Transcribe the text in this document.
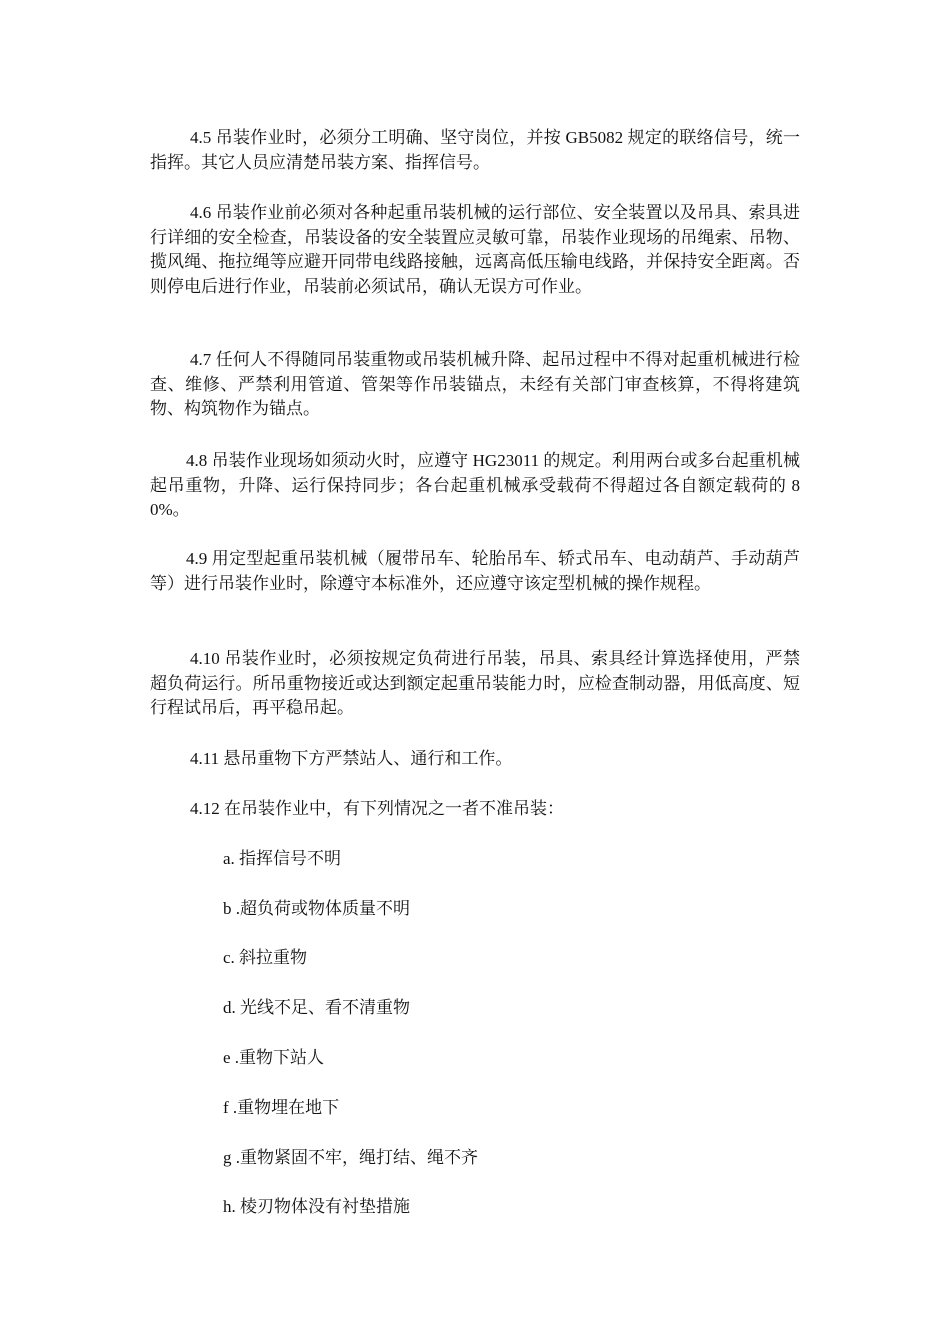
4.5 吊装作业时，必须分工明确、坚守岗位，并按 GB5082 规定的联络信号，统一指挥。其它人员应清楚吊装方案、指挥信号。

4.6 吊装作业前必须对各种起重吊装机械的运行部位、安全装置以及吊具、索具进行详细的安全检查，吊装设备的安全装置应灵敏可靠，吊装作业现场的吊绳索、吊物、揽风绳、拖拉绳等应避开同带电线路接触，远离高低压输电线路，并保持安全距离。否则停电后进行作业，吊装前必须试吊，确认无误方可作业。

4.7 任何人不得随同吊装重物或吊装机械升降、起吊过程中不得对起重机械进行检查、维修、严禁利用管道、管架等作吊装锚点，未经有关部门审查核算，不得将建筑物、构筑物作为锚点。

4.8 吊装作业现场如须动火时，应遵守 HG23011 的规定。利用两台或多台起重机械起吊重物，升降、运行保持同步；各台起重机械承受载荷不得超过各自额定载荷的 80%。

4.9 用定型起重吊装机械（履带吊车、轮胎吊车、轿式吊车、电动葫芦、手动葫芦等）进行吊装作业时，除遵守本标准外，还应遵守该定型机械的操作规程。

4.10 吊装作业时，必须按规定负荷进行吊装，吊具、索具经计算选择使用，严禁超负荷运行。所吊重物接近或达到额定起重吊装能力时，应检查制动器，用低高度、短行程试吊后，再平稳吊起。

4.11 悬吊重物下方严禁站人、通行和工作。

4.12 在吊装作业中，有下列情况之一者不准吊装：

a. 指挥信号不明

b .超负荷或物体质量不明

c. 斜拉重物

d. 光线不足、看不清重物

e .重物下站人

f .重物埋在地下

g .重物紧固不牢，绳打结、绳不齐

h. 棱刃物体没有衬垫措施
